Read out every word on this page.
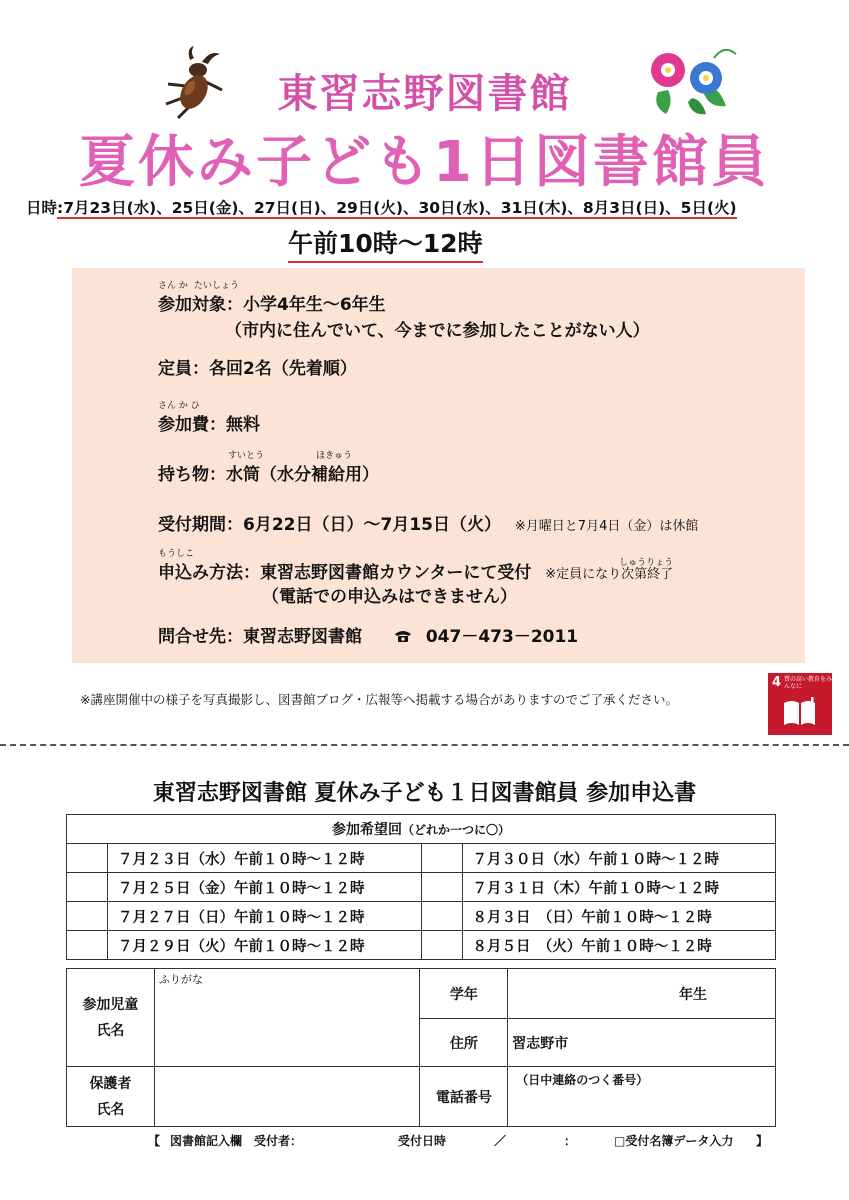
東習志野図書館
夏休み子ども1日図書館員
日時:7月23日(水)、25日(金)、27日(日)、29日(火)、30日(水)、31日(木)、8月3日(日)、5日(火)
午前10時～12時
さん か たいしょう
参加対象：小学4年生～6年生
（市内に住んでいて、今までに参加したことがない人）
定員：各回2名（先着順）
さん か ひ
参加費：無料
すいとう	ほきゅう
持ち物：水筒（水分補給用）
受付期間：6月22日（日）～7月15日（火） ※月曜日と7月4日（金）は休館
もうしこ
申込み方法：東習志野図書館カウンターにて受付	しゅうりょう
※定員になり次第終了
（電話での申込みはできません）
問合せ先：東習志野図書館	047－473－2011
※講座開催中の様子を写真撮影し、図書館ブログ・広報等へ掲載する場合がありますのでご了承ください。
4 質の高い教育をみんなに
東習志野図書館 夏休み子ども１日図書館員 参加申込書
参加希望回（どれか一つに〇）			
	７月２３日（水）午前１０時～１２時		７月３０日（水）午前１０時～１２時
	７月２５日（金）午前１０時～１２時		７月３１日（木）午前１０時～１２時
	７月２７日（日）午前１０時～１２時		８月３日　（日）午前１０時～１２時
	７月２９日（火）午前１０時～１２時		８月５日　（火）午前１０時～１２時
参加児童
氏名	ふりがな	学年	年生
		住所	習志野市
保護者
氏名		電話番号	（日中連絡のつく番号）
【 図書館記入欄　受付者：	受付日時	／	：	□受付名簿データ入力 】
